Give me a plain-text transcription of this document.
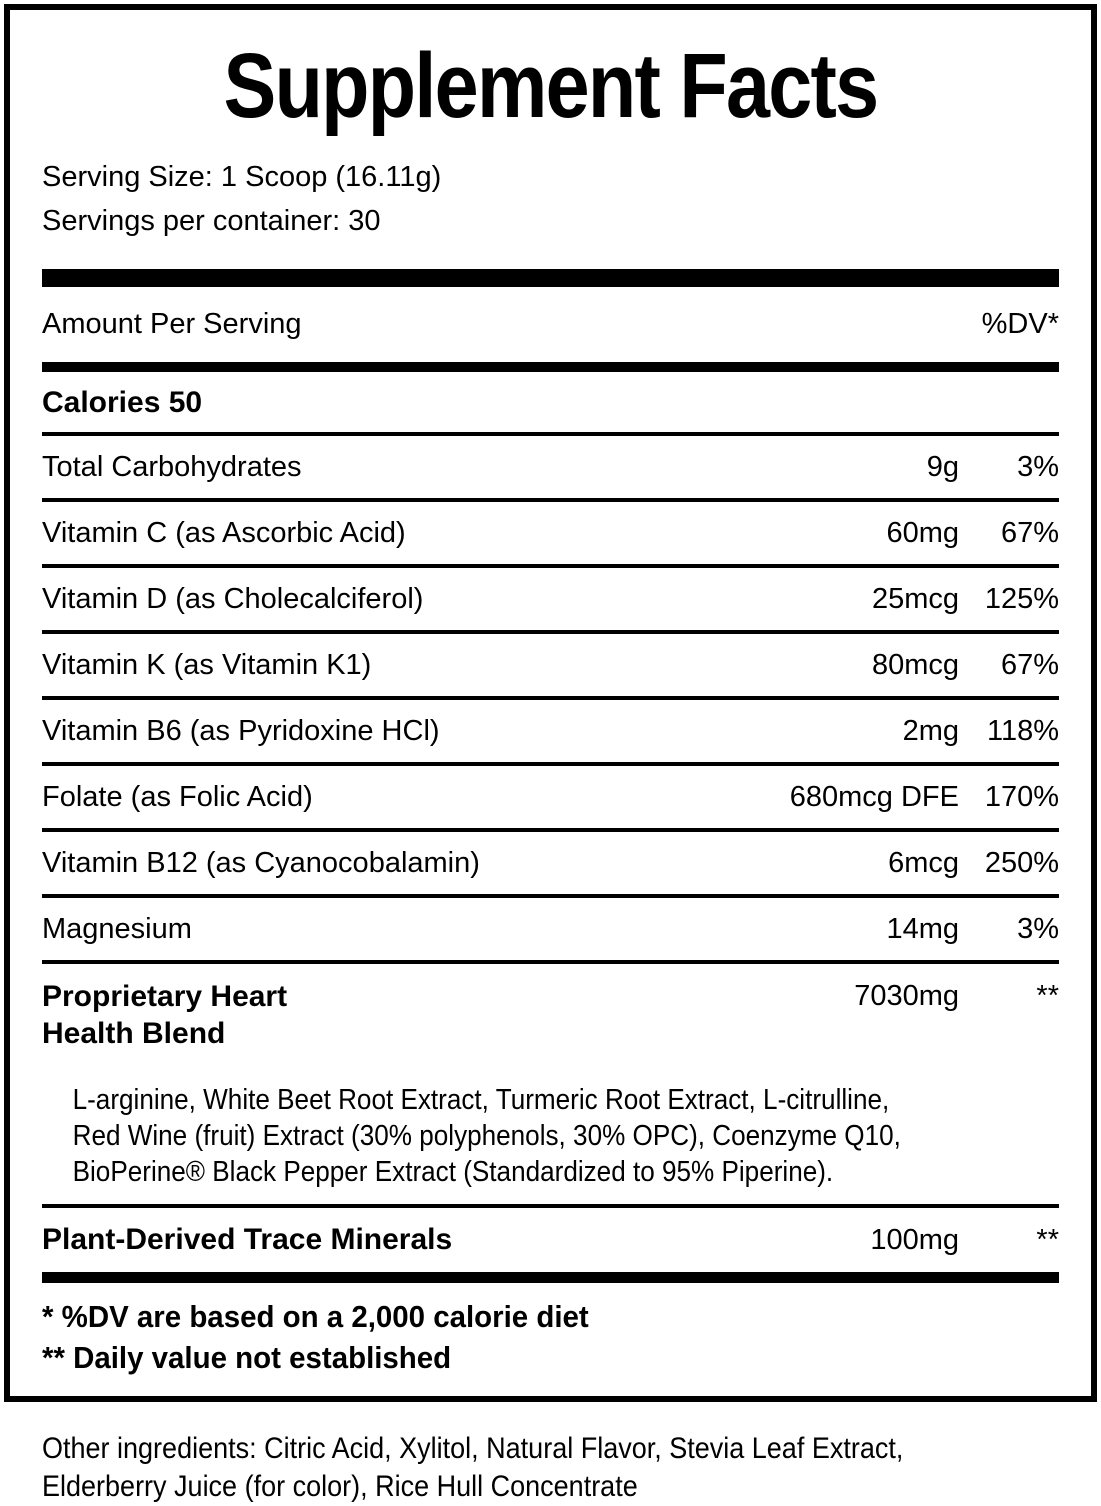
Supplement Facts
Serving Size: 1 Scoop (16.11g)
Servings per container: 30
Amount Per Serving	%DV*
Calories 50
Total Carbohydrates	9g	3%
Vitamin C (as Ascorbic Acid)	60mg	67%
Vitamin D (as Cholecalciferol)	25mcg 125%
Vitamin K (as Vitamin K1)	80mcg	67%
Vitamin B6 (as Pyridoxine HCl)	2mg 118%
Folate (as Folic Acid)	680mcg DFE 170%
Vitamin B12 (as Cyanocobalamin)	6mcg 250%
Magnesium	14mg	3%
Proprietary Heart
Health Blend
7030mg	**
L-arginine, White Beet Root Extract, Turmeric Root Extract, L-citrulline,
Red Wine (fruit) Extract (30% polyphenols, 30% OPC), Coenzyme Q10,
BioPerine® Black Pepper Extract (Standardized to 95% Piperine).
Plant-Derived Trace Minerals	100mg	**
* %DV are based on a 2,000 calorie diet
** Daily value not established
Other ingredients: Citric Acid, Xylitol, Natural Flavor, Stevia Leaf Extract,
Elderberry Juice (for color), Rice Hull Concentrate
